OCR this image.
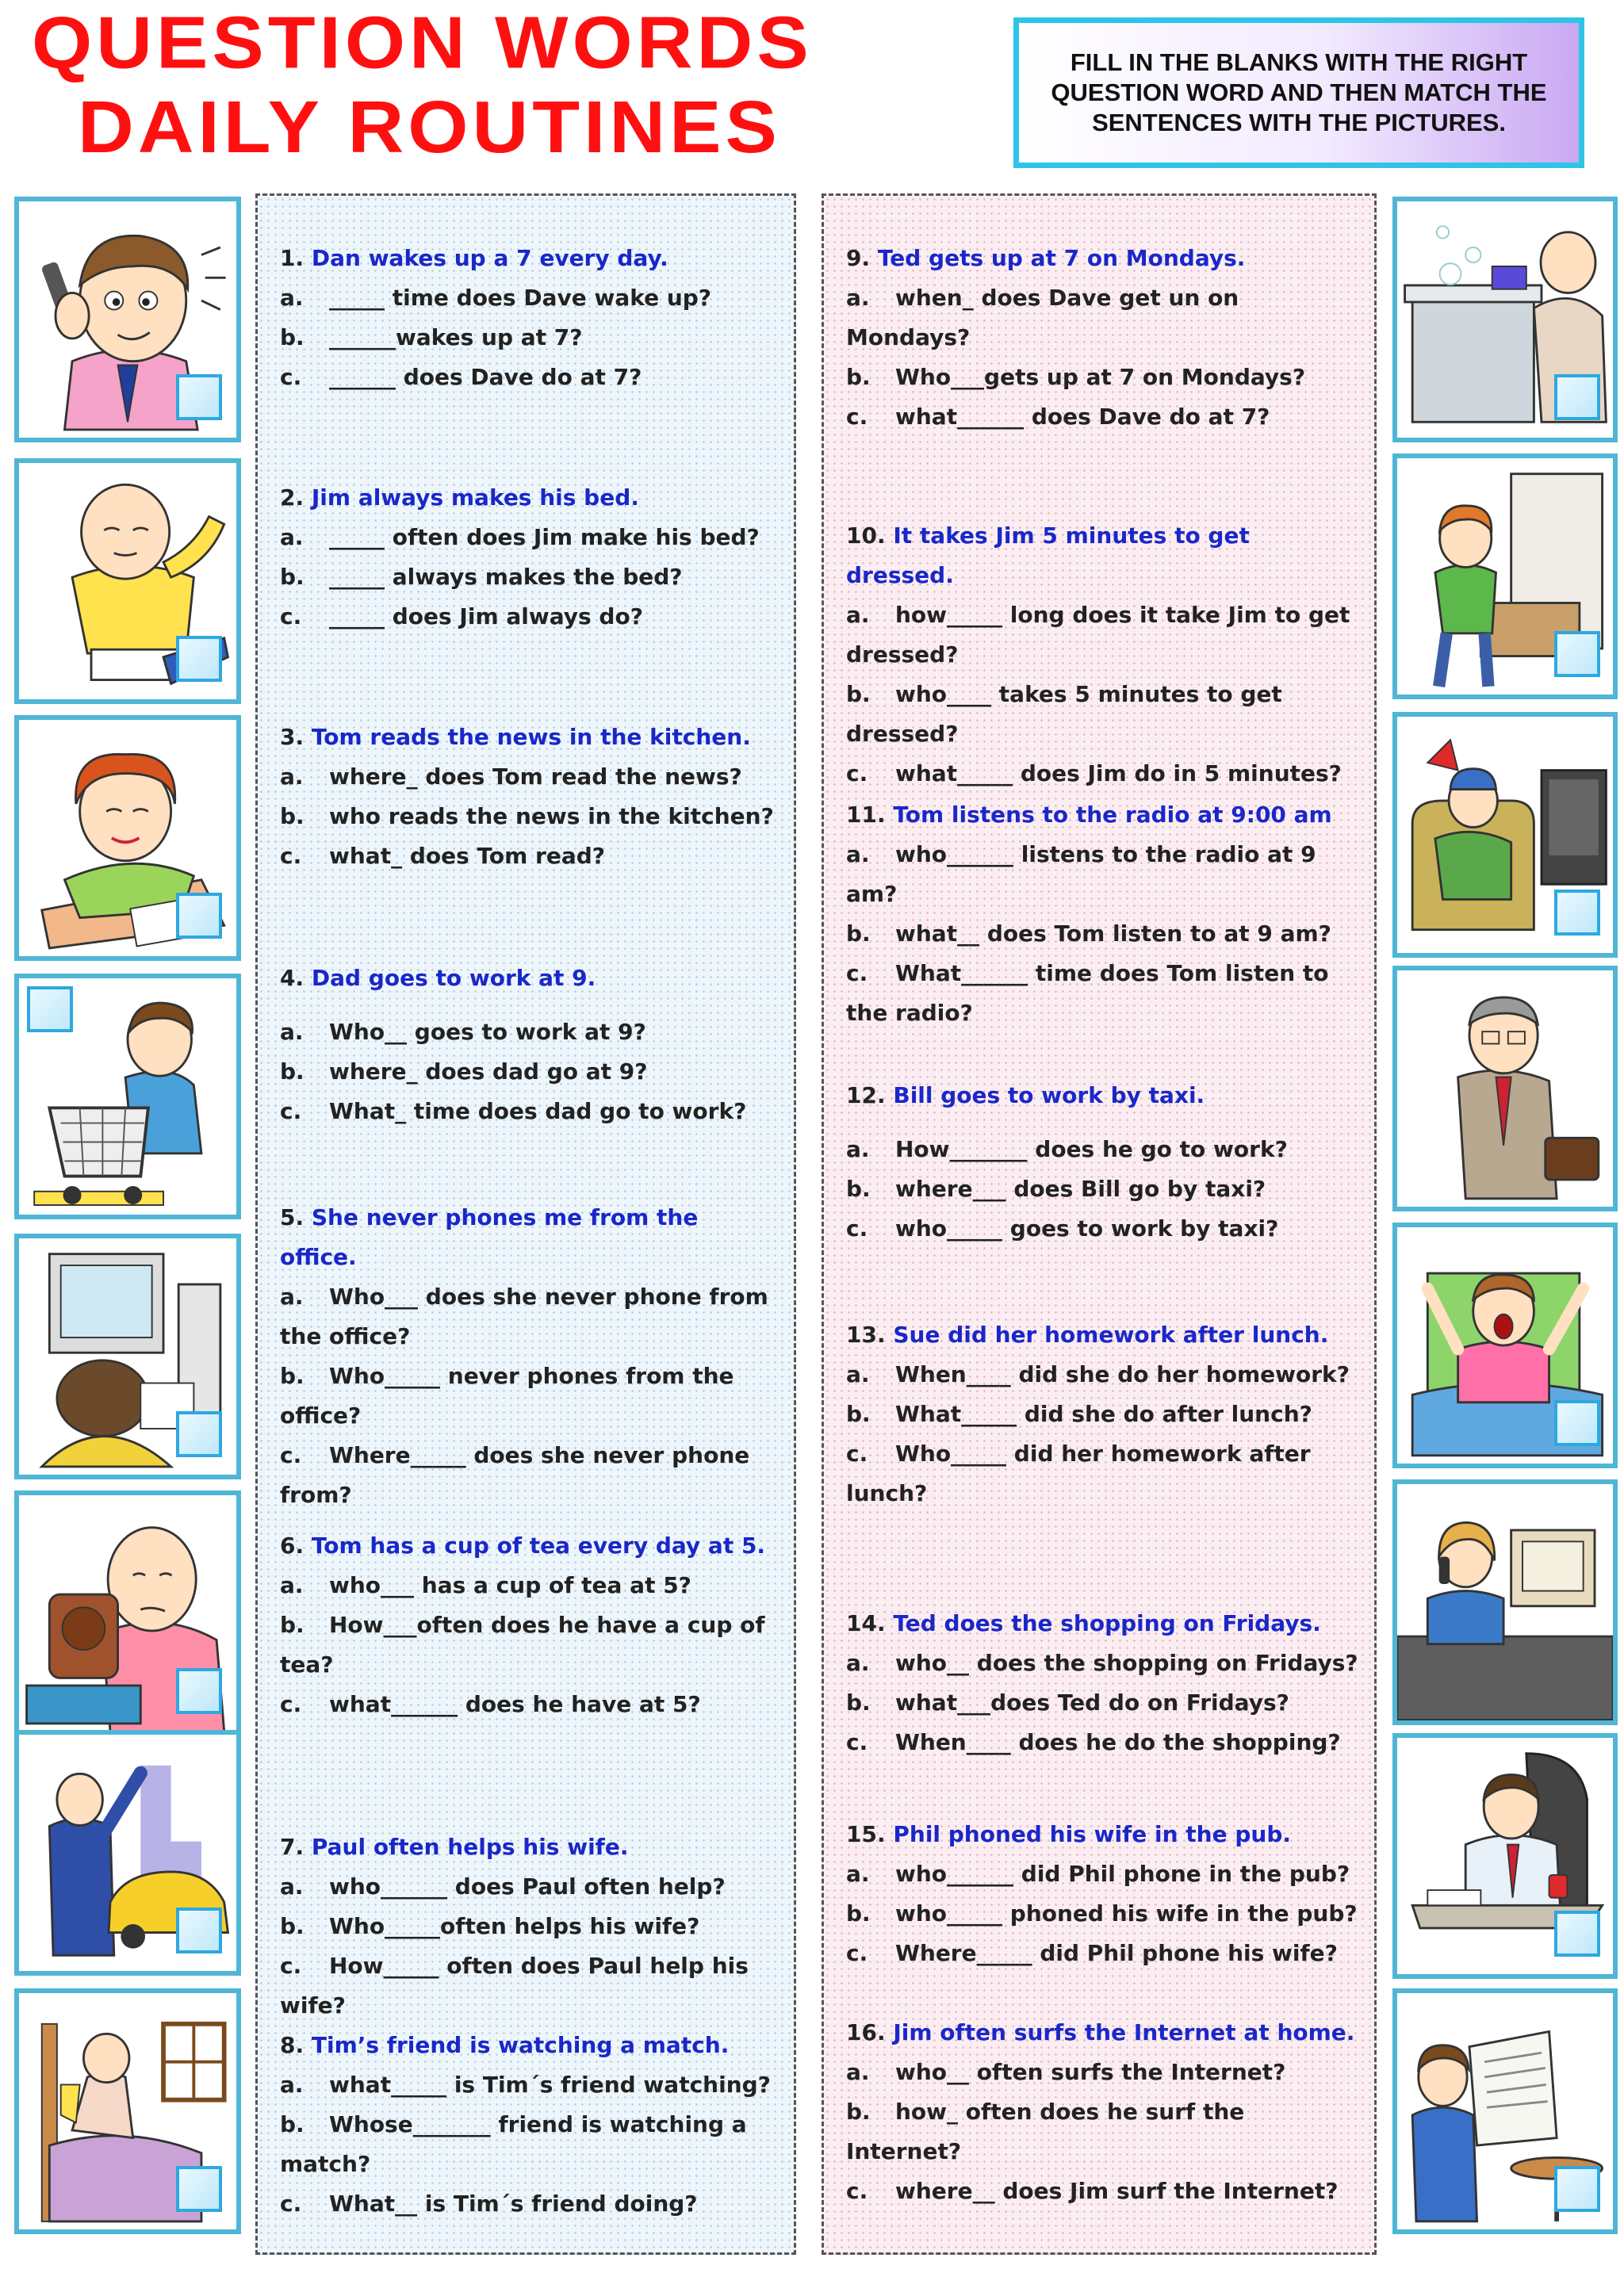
QUESTION WORDS
DAILY ROUTINES
FILL IN THE BLANKS WITH THE RIGHT QUESTION WORD AND THEN MATCH THE SENTENCES WITH THE PICTURES.
1. Dan wakes up a 7 every day.
a. _____ time does Dave wake up?
b. ______wakes up at 7?
c. ______ does Dave do at 7?
2. Jim always makes his bed.
a. _____ often does Jim make his bed?
b. _____ always makes the bed?
c. _____ does Jim always do?
3. Tom reads the news in the kitchen.
a. where_ does Tom read the news?
b. who reads the news in the kitchen?
c. what_ does Tom read?
4. Dad goes to work at 9.
a. Who__ goes to work at 9?
b. where_ does dad go at 9?
c. What_ time does dad go to work?
5. She never phones me from the office.
a. Who___ does she never phone from the office?
b. Who_____ never phones from the office?
c. Where_____ does she never phone from?
6. Tom has a cup of tea every day at 5.
a. who___ has a cup of tea at 5?
b. How___often does he have a cup of tea?
c. what______ does he have at 5?
7. Paul often helps his wife.
a. who______ does Paul often help?
b. Who_____often helps his wife?
c. How_____ often does Paul help his wife?
8. Tim’s friend is watching a match.
a. what_____ is Tim´s friend watching?
b. Whose_______ friend is watching a match?
c. What__ is Tim´s friend doing?
9. Ted gets up at 7 on Mondays.
a. when_ does Dave get un on Mondays?
b. Who___gets up at 7 on Mondays?
c. what______ does Dave do at 7?
10. It takes Jim 5 minutes to get dressed.
a. how_____ long does it take Jim to get dressed?
b. who____ takes 5 minutes to get dressed?
c. what_____ does Jim do in 5 minutes?
11. Tom listens to the radio at 9:00 am
a. who______ listens to the radio at 9 am?
b. what__ does Tom listen to at 9 am?
c. What______ time does Tom listen to the radio?
12. Bill goes to work by taxi.
a. How_______ does he go to work?
b. where___ does Bill go by taxi?
c. who_____ goes to work by taxi?
13. Sue did her homework after lunch.
a. When____ did she do her homework?
b. What_____ did she do after lunch?
c. Who_____ did her homework after lunch?
14. Ted does the shopping on Fridays.
a. who__ does the shopping on Fridays?
b. what___does Ted do on Fridays?
c. When____ does he do the shopping?
15. Phil phoned his wife in the pub.
a. who______ did Phil phone in the pub?
b. who_____ phoned his wife in the pub?
c. Where_____ did Phil phone his wife?
16. Jim often surfs the Internet at home.
a. who__ often surfs the Internet?
b. how_ often does he surf the Internet?
c. where__ does Jim surf the Internet?
